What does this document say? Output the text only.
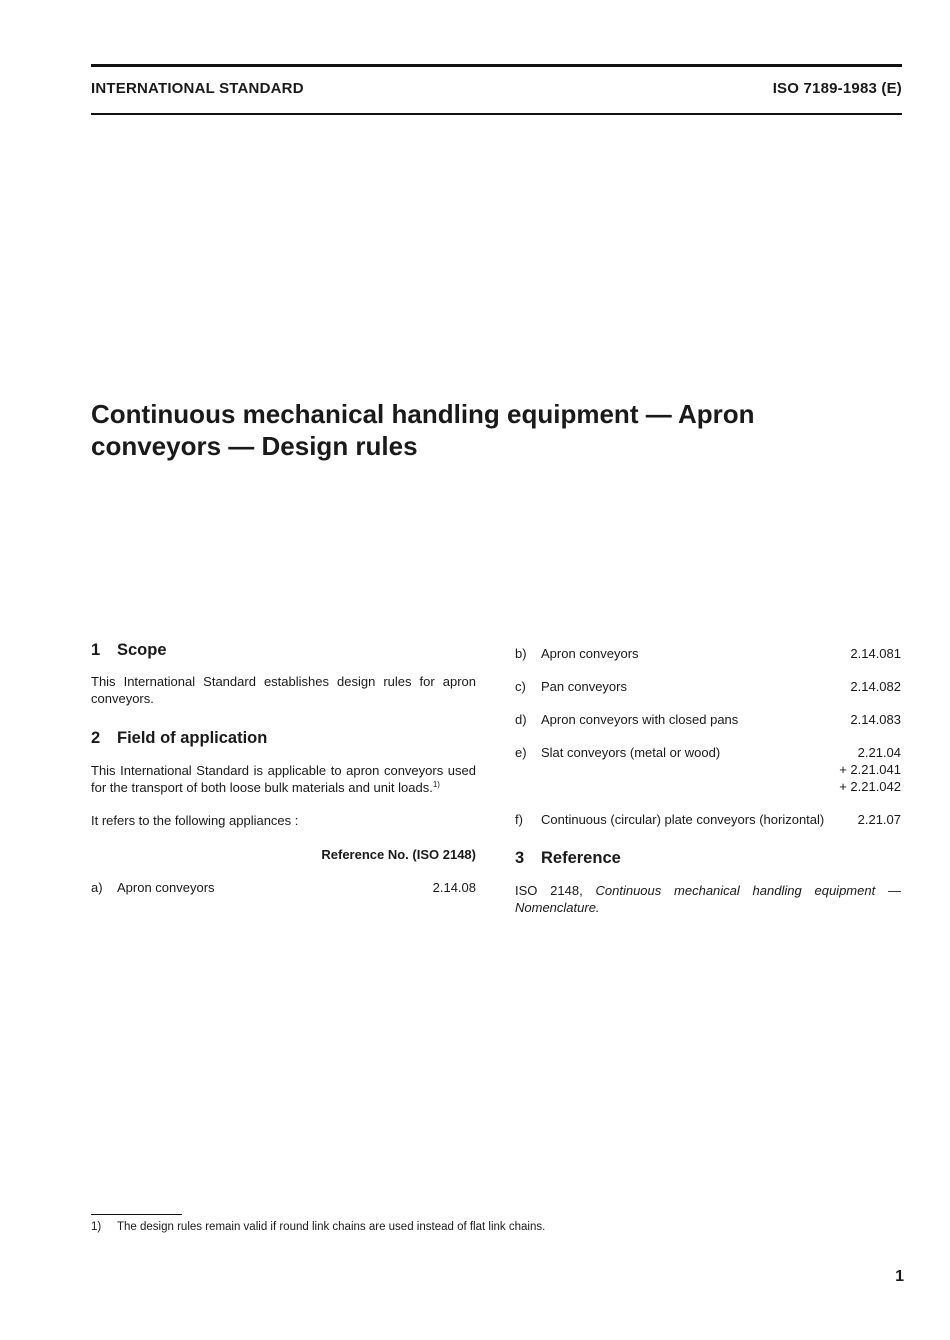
INTERNATIONAL STANDARD	ISO 7189-1983 (E)
Continuous mechanical handling equipment — Apron
conveyors — Design rules
1 Scope

This International Standard establishes design rules for apron conveyors.

2 Field of application

This International Standard is applicable to apron conveyors used for the transport of both loose bulk materials and unit loads.$^{1)}$

It refers to the following appliances :

Reference No. (ISO 2148)

a)	Apron conveyors	2.14.08
b)	Apron conveyors	2.14.081
c)	Pan conveyors	2.14.082
d)	Apron conveyors with closed pans	2.14.083
e)	Slat conveyors (metal or wood)	2.21.04
+ 2.21.041
+ 2.21.042
f)	Continuous (circular) plate conveyors (horizontal)	2.21.07
3 Reference

ISO 2148, Continuous mechanical handling equipment — Nomenclature.

1) The design rules remain valid if round link chains are used instead of flat link chains.
1
